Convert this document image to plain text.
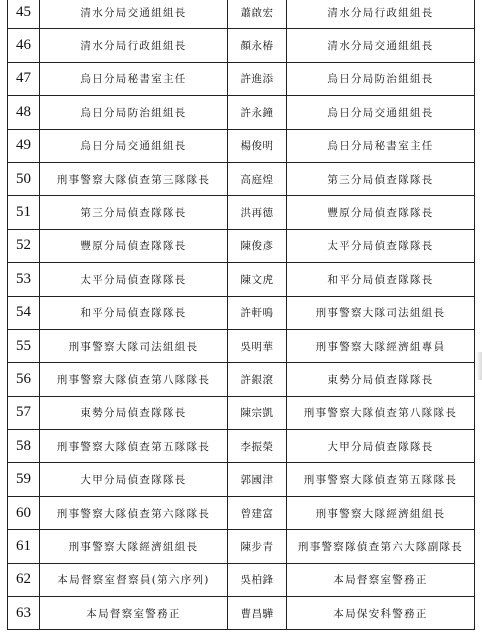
45	清水分局交通組組長	蕭啟宏	清水分局行政組組長
46	清水分局行政組組長	顏永椿	清水分局交通組組長
47	烏日分局秘書室主任	許進添	烏日分局防治組組長
48	烏日分局防治組組長	許永鐘	烏日分局交通組組長
49	烏日分局交通組組長	楊俊明	烏日分局秘書室主任
50	刑事警察大隊偵查第三隊隊長	高庭煌	第三分局偵查隊隊長
51	第三分局偵查隊隊長	洪再德	豐原分局偵查隊隊長
52	豐原分局偵查隊隊長	陳俊彥	太平分局偵查隊隊長
53	太平分局偵查隊隊長	陳文虎	和平分局偵查隊隊長
54	和平分局偵查隊隊長	許軒鳴	刑事警察大隊司法組組長
55	刑事警察大隊司法組組長	吳明華	刑事警察大隊經濟組專員
56	刑事警察大隊偵查第八隊隊長	許銀滾	東勢分局偵查隊隊長
57	東勢分局偵查隊隊長	陳宗凱	刑事警察大隊偵查第八隊隊長
58	刑事警察大隊偵查第五隊隊長	李振榮	大甲分局偵查隊隊長
59	大甲分局偵查隊隊長	郭國津	刑事警察大隊偵查第五隊隊長
60	刑事警察大隊偵查第六隊隊長	曾建富	刑事警察大隊經濟組組長
61	刑事警察大隊經濟組組長	陳步青	刑事警察隊偵查第六大隊副隊長
62	本局督察室督察員(第六序列)	吳柏鋒	本局督察室警務正
63	本局督察室警務正	曹昌驊	本局保安科警務正
